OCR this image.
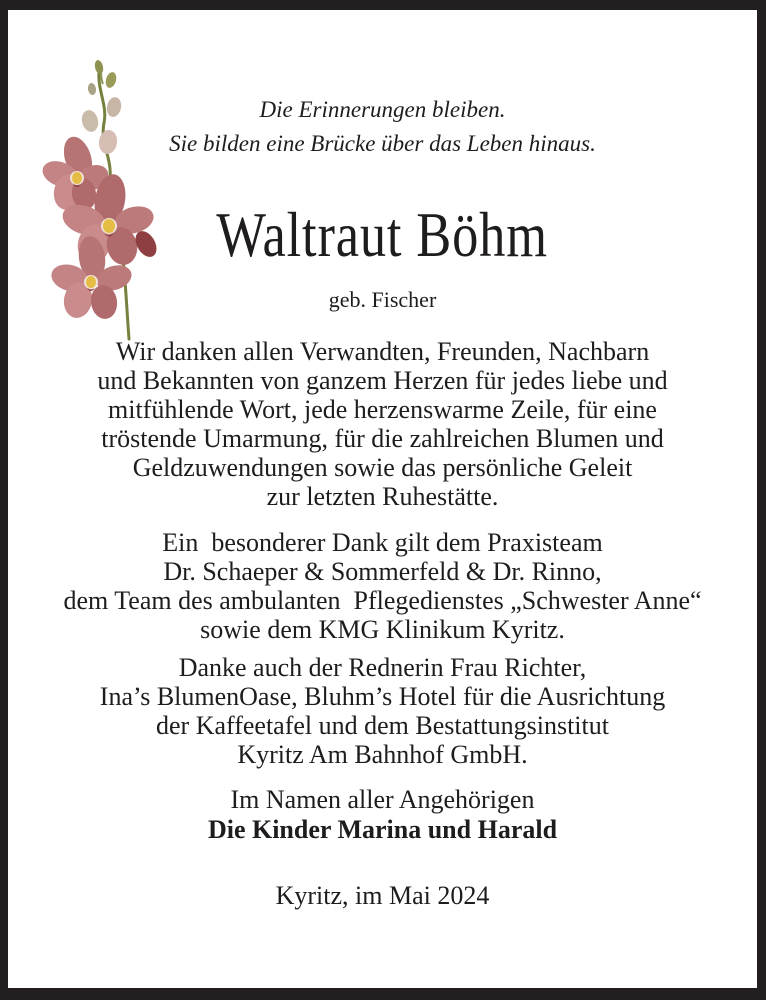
Die Erinnerungen bleiben.
Sie bilden eine Brücke über das Leben hinaus.
Waltraut Böhm
geb. Fischer
Wir danken allen Verwandten, Freunden, Nachbarn
und Bekannten von ganzem Herzen für jedes liebe und
mitfühlende Wort, jede herzenswarme Zeile, für eine
tröstende Umarmung, für die zahlreichen Blumen und
Geldzuwendungen sowie das persönliche Geleit
zur letzten Ruhestätte.
Ein  besonderer Dank gilt dem Praxisteam
Dr. Schaeper & Sommerfeld & Dr. Rinno,
dem Team des ambulanten  Pflegedienstes „Schwester Anne“
sowie dem KMG Klinikum Kyritz.
Danke auch der Rednerin Frau Richter,
Ina’s BlumenOase, Bluhm’s Hotel für die Ausrichtung
der Kaffeetafel und dem Bestattungsinstitut
Kyritz Am Bahnhof GmbH.
Im Namen aller Angehörigen
Die Kinder Marina und Harald
Kyritz, im Mai 2024
